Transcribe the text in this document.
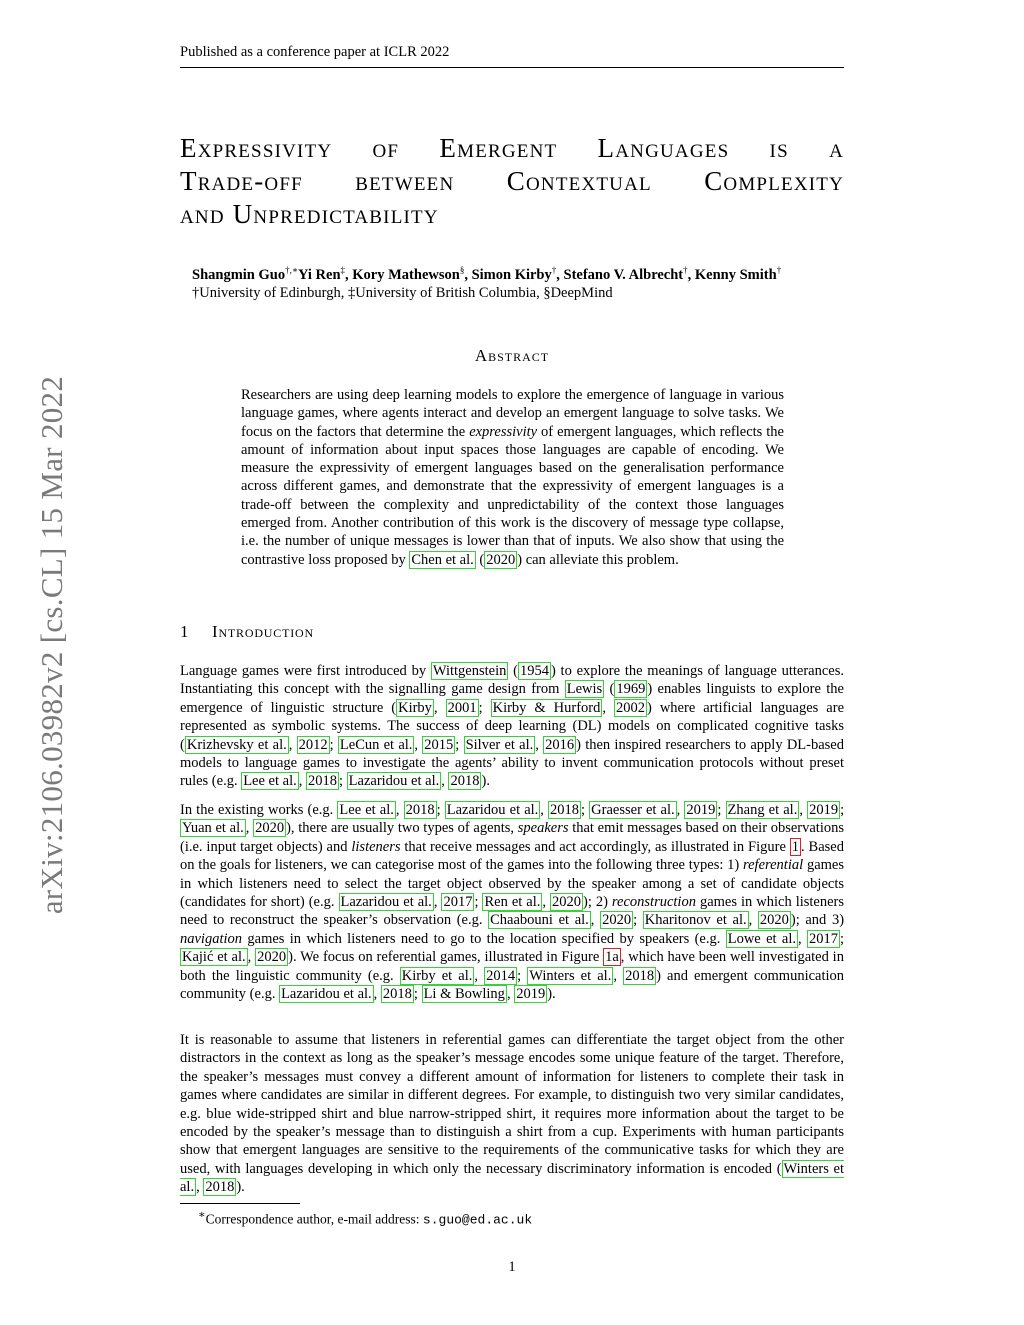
Published as a conference paper at ICLR 2022
arXiv:2106.03982v2 [cs.CL] 15 Mar 2022
Expressivity of Emergent Languages is a
Trade-off between Contextual Complexity
and Unpredictability
Shangmin Guo†,∗Yi Ren‡, Kory Mathewson§, Simon Kirby†, Stefano V. Albrecht†, Kenny Smith†
†University of Edinburgh, ‡University of British Columbia, §DeepMind
Abstract
Researchers are using deep learning models to explore the emergence of language in various language games, where agents interact and develop an emergent language to solve tasks. We focus on the factors that determine the expressivity of emergent languages, which reflects the amount of information about input spaces those languages are capable of encoding. We measure the expressivity of emergent languages based on the generalisation performance across different games, and demonstrate that the expressivity of emergent languages is a trade-off between the complexity and unpredictability of the context those languages emerged from. Another contribution of this work is the discovery of message type collapse, i.e. the number of unique messages is lower than that of inputs. We also show that using the contrastive loss proposed by Chen et al. ( 2020 ) can alleviate this problem.
1 Introduction
Language games were first introduced by Wittgenstein ( 1954 ) to explore the meanings of language utterances. Instantiating this concept with the signalling game design from Lewis ( 1969 ) enables linguists to explore the emergence of linguistic structure ( Kirby , 2001 ; Kirby & Hurford , 2002 ) where artificial languages are represented as symbolic systems. The success of deep learning (DL) models on complicated cognitive tasks ( Krizhevsky et al. , 2012 ; LeCun et al. , 2015 ; Silver et al. , 2016 ) then inspired researchers to apply DL-based models to language games to investigate the agents’ ability to invent communication protocols without preset rules (e.g. Lee et al. , 2018 ; Lazaridou et al. , 2018 ).
In the existing works (e.g. Lee et al. , 2018 ; Lazaridou et al. , 2018 ; Graesser et al. , 2019 ; Zhang et al. , 2019 ; Yuan et al. , 2020 ), there are usually two types of agents, speakers that emit messages based on their observations (i.e. input target objects) and listeners that receive messages and act accordingly, as illustrated in Figure 1 . Based on the goals for listeners, we can categorise most of the games into the following three types: 1) referential games in which listeners need to select the target object observed by the speaker among a set of candidate objects (candidates for short) (e.g. Lazaridou et al. , 2017 ; Ren et al. , 2020 ); 2) reconstruction games in which listeners need to reconstruct the speaker’s observation (e.g. Chaabouni et al. , 2020 ; Kharitonov et al. , 2020 ); and 3) navigation games in which listeners need to go to the location specified by speakers (e.g. Lowe et al. , 2017 ; Kajić et al. , 2020 ). We focus on referential games, illustrated in Figure 1a , which have been well investigated in both the linguistic community (e.g. Kirby et al. , 2014 ; Winters et al. , 2018 ) and emergent communication community (e.g. Lazaridou et al. , 2018 ; Li & Bowling , 2019 ).
It is reasonable to assume that listeners in referential games can differentiate the target object from the other distractors in the context as long as the speaker’s message encodes some unique feature of the target. Therefore, the speaker’s messages must convey a different amount of information for listeners to complete their task in games where candidates are similar in different degrees. For example, to distinguish two very similar candidates, e.g. blue wide-stripped shirt and blue narrow-stripped shirt, it requires more information about the target to be encoded by the speaker’s message than to distinguish a shirt from a cup. Experiments with human participants show that emergent languages are sensitive to the requirements of the communicative tasks for which they are used, with languages developing in which only the necessary discriminatory information is encoded ( Winters et al. , 2018 ).
∗Correspondence author, e-mail address: s.guo@ed.ac.uk
1
